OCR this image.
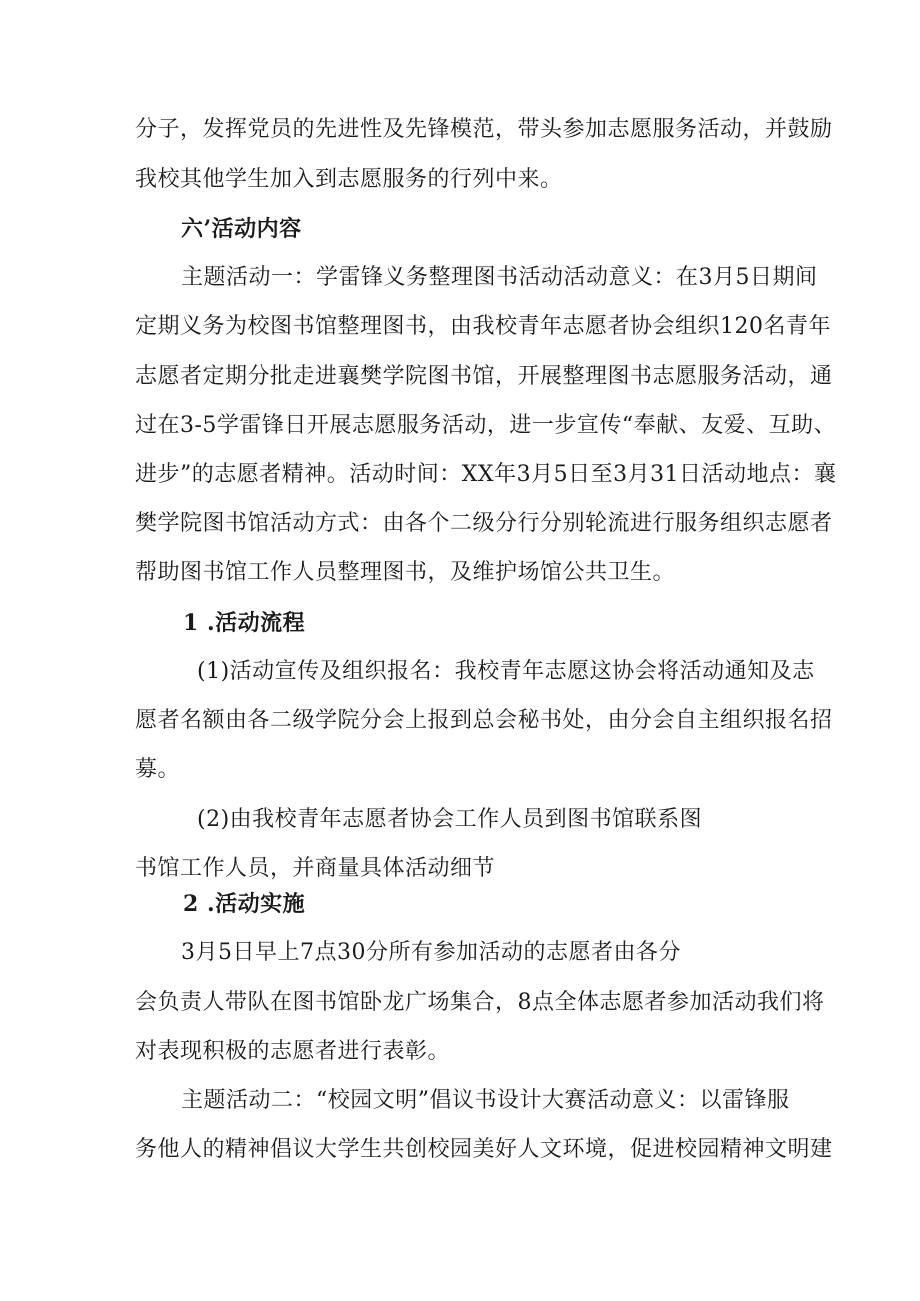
分子，发挥党员的先进性及先锋模范，带头参加志愿服务活动，并鼓励
我校其他学生加入到志愿服务的行列中来。
六’活动内容
主题活动一：学雷锋义务整理图书活动活动意义：在3月5日期间
定期义务为校图书馆整理图书，由我校青年志愿者协会组织120名青年
志愿者定期分批走进襄樊学院图书馆，开展整理图书志愿服务活动，通
过在3-5学雷锋日开展志愿服务活动，进一步宣传“奉献、友爱、互助、
进步”的志愿者精神。活动时间：XX年3月5日至3月31日活动地点：襄
樊学院图书馆活动方式：由各个二级分行分别轮流进行服务组织志愿者
帮助图书馆工作人员整理图书，及维护场馆公共卫生。
1 .活动流程
(1)活动宣传及组织报名：我校青年志愿这协会将活动通知及志
愿者名额由各二级学院分会上报到总会秘书处，由分会自主组织报名招
募。
(2)由我校青年志愿者协会工作人员到图书馆联系图
书馆工作人员，并商量具体活动细节
2 .活动实施
3月5日早上7点30分所有参加活动的志愿者由各分
会负责人带队在图书馆卧龙广场集合，8点全体志愿者参加活动我们将
对表现积极的志愿者进行表彰。
主题活动二：“校园文明”倡议书设计大赛活动意义：以雷锋服
务他人的精神倡议大学生共创校园美好人文环境，促进校园精神文明建
